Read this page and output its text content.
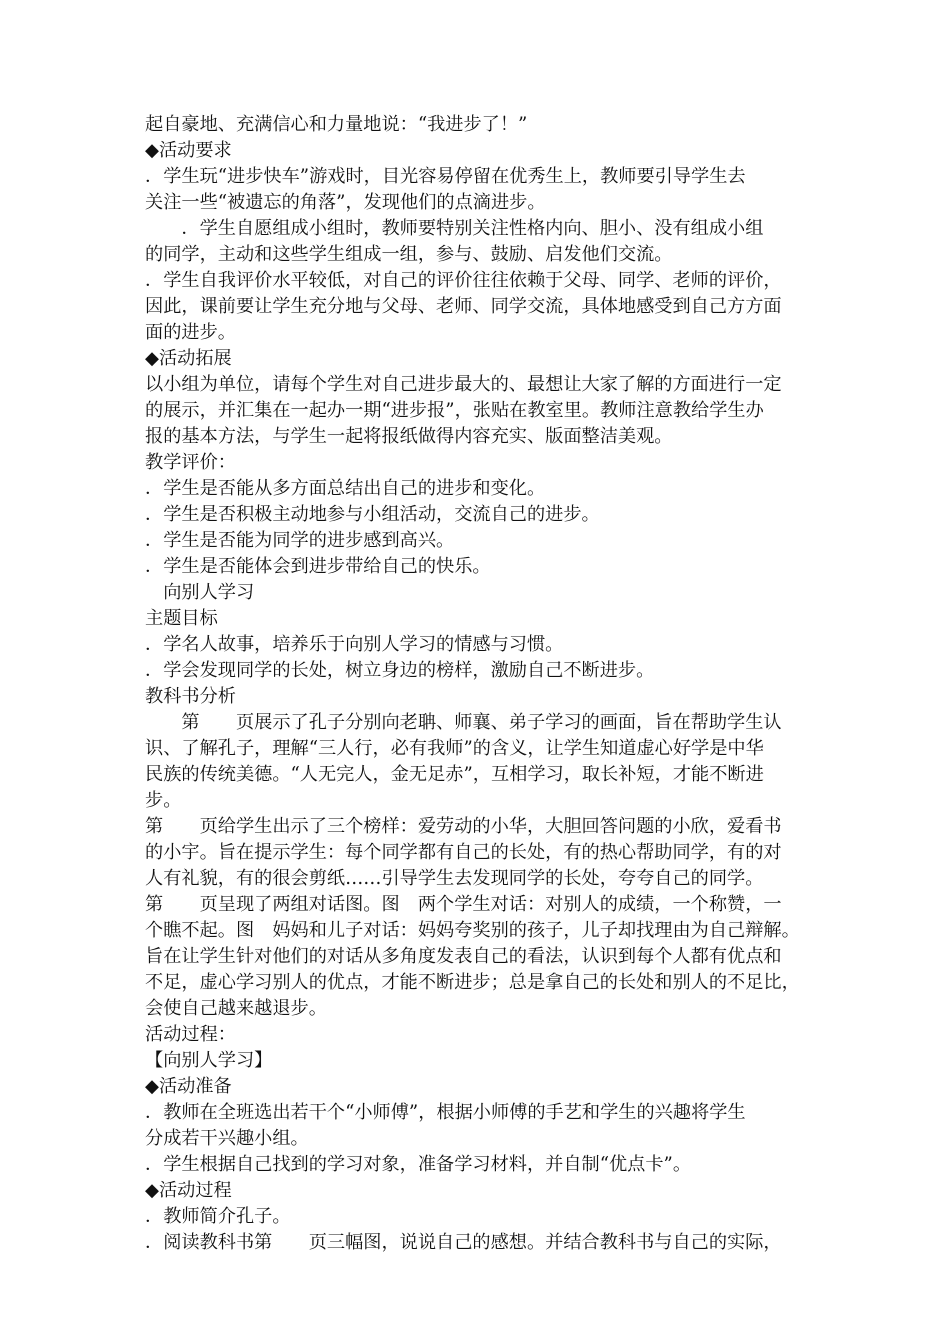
起自豪地、充满信心和力量地说：“我进步了！”
◆活动要求
．学生玩“进步快车”游戏时，目光容易停留在优秀生上，教师要引导学生去
关注一些“被遗忘的角落”，发现他们的点滴进步。
　　．学生自愿组成小组时，教师要特别关注性格内向、胆小、没有组成小组
的同学，主动和这些学生组成一组，参与、鼓励、启发他们交流。
．学生自我评价水平较低，对自己的评价往往依赖于父母、同学、老师的评价，
因此，课前要让学生充分地与父母、老师、同学交流，具体地感受到自己方方面
面的进步。
◆活动拓展
以小组为单位，请每个学生对自己进步最大的、最想让大家了解的方面进行一定
的展示，并汇集在一起办一期“进步报”，张贴在教室里。教师注意教给学生办
报的基本方法，与学生一起将报纸做得内容充实、版面整洁美观。
教学评价：
．学生是否能从多方面总结出自己的进步和变化。
．学生是否积极主动地参与小组活动，交流自己的进步。
．学生是否能为同学的进步感到高兴。
．学生是否能体会到进步带给自己的快乐。
　向别人学习
主题目标
．学名人故事，培养乐于向别人学习的情感与习惯。
．学会发现同学的长处，树立身边的榜样，激励自己不断进步。
教科书分析
　　第　　页展示了孔子分别向老聃、师襄、弟子学习的画面，旨在帮助学生认
识、了解孔子，理解“三人行，必有我师”的含义，让学生知道虚心好学是中华
民族的传统美德。“人无完人，金无足赤”，互相学习，取长补短，才能不断进
步。
第　　页给学生出示了三个榜样：爱劳动的小华，大胆回答问题的小欣，爱看书
的小宇。旨在提示学生：每个同学都有自己的长处，有的热心帮助同学，有的对
人有礼貌，有的很会剪纸……引导学生去发现同学的长处，夸夸自己的同学。
第　　页呈现了两组对话图。图　两个学生对话：对别人的成绩，一个称赞，一
个瞧不起。图　妈妈和儿子对话：妈妈夸奖别的孩子，儿子却找理由为自己辩解。
旨在让学生针对他们的对话从多角度发表自己的看法，认识到每个人都有优点和
不足，虚心学习别人的优点，才能不断进步；总是拿自己的长处和别人的不足比，
会使自己越来越退步。
活动过程：
【向别人学习】
◆活动准备
．教师在全班选出若干个“小师傅”，根据小师傅的手艺和学生的兴趣将学生
分成若干兴趣小组。
．学生根据自己找到的学习对象，准备学习材料，并自制“优点卡”。
◆活动过程
．教师简介孔子。
．阅读教科书第　　页三幅图，说说自己的感想。并结合教科书与自己的实际，
